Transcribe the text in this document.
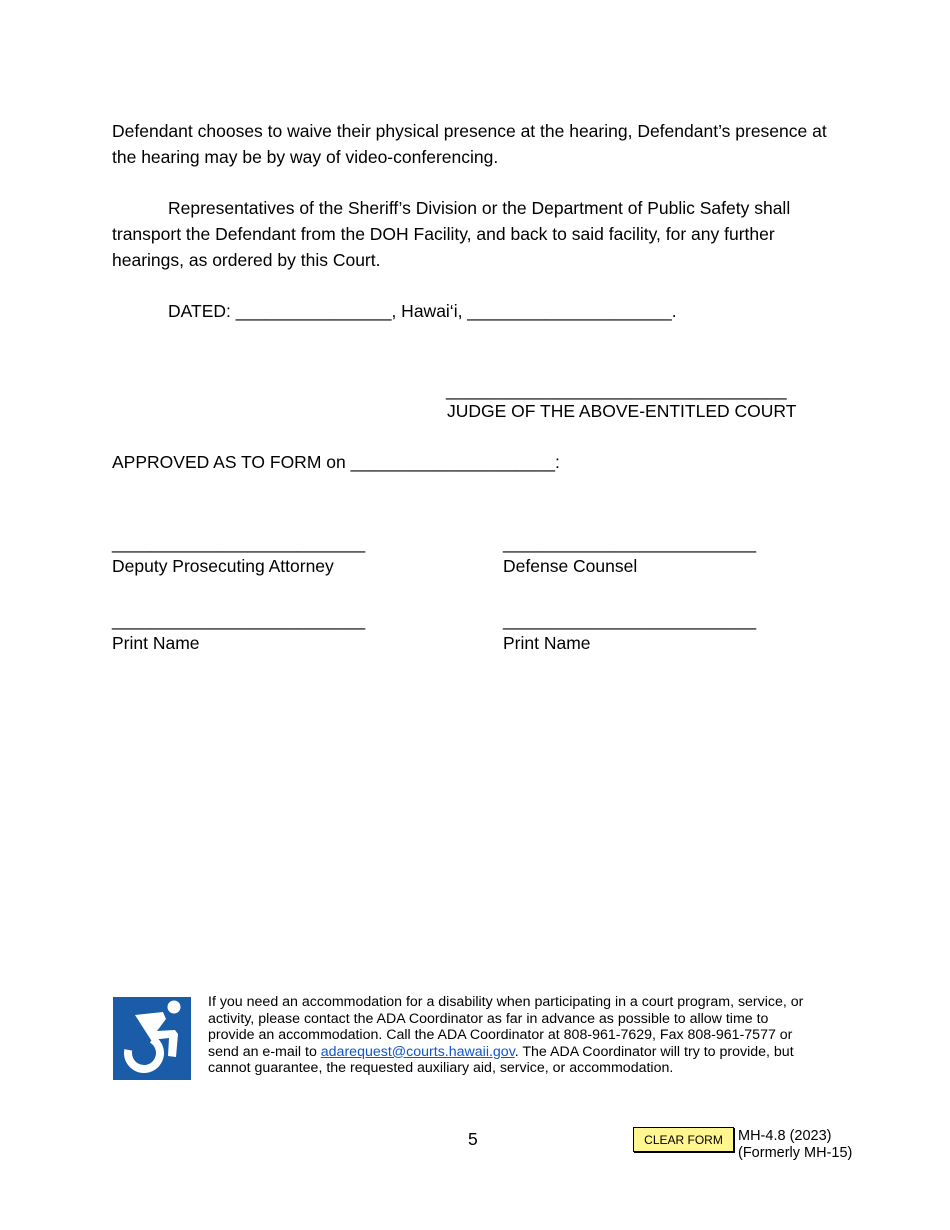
Defendant chooses to waive their physical presence at the hearing, Defendant’s presence at the hearing may be by way of video-conferencing.
Representatives of the Sheriff’s Division or the Department of Public Safety shall transport the Defendant from the DOH Facility, and back to said facility, for any further hearings, as ordered by this Court.
DATED: ________________, Hawai‘i, _____________________.
___________________________________
JUDGE OF THE ABOVE-ENTITLED COURT
APPROVED AS TO FORM on _____________________:
__________________________
Deputy Prosecuting Attorney
__________________________
Defense Counsel
__________________________
Print Name
__________________________
Print Name
If you need an accommodation for a disability when participating in a court program, service, or activity, please contact the ADA Coordinator as far in advance as possible to allow time to provide an accommodation. Call the ADA Coordinator at 808-961-7629, Fax 808-961-7577 or send an e-mail to adarequest@courts.hawaii.gov. The ADA Coordinator will try to provide, but cannot guarantee, the requested auxiliary aid, service, or accommodation.
5	CLEAR FORM	MH-4.8 (2023)
(Formerly MH-15)
